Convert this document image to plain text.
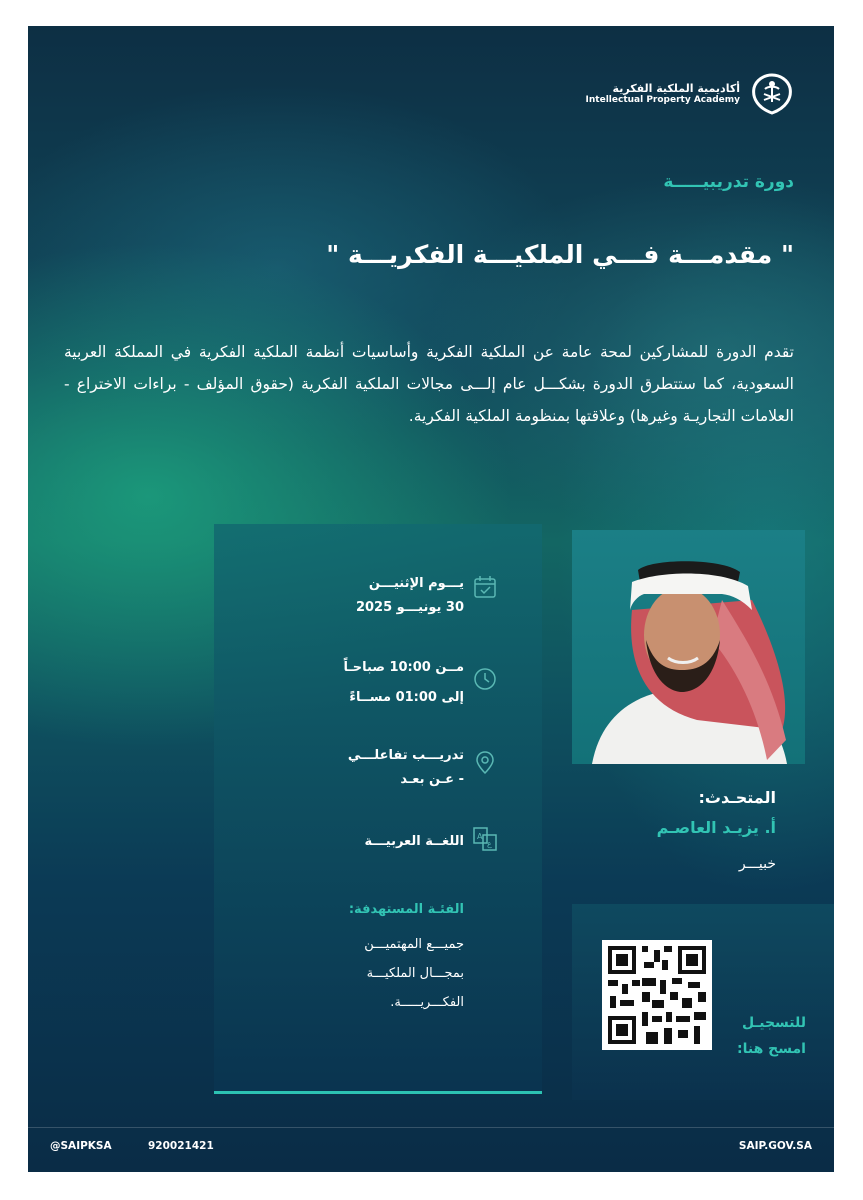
أكاديمية الملكية الفكرية
Intellectual Property Academy
دورة تدريبيـــــة
" مقدمـــة فـــي الملكيـــة الفكريـــة "
تقدم الدورة للمشاركين لمحة عامة عن الملكية الفكرية وأساسيات أنظمة الملكية الفكرية في المملكة العربية السعودية، كما ستتطرق الدورة بشكـــل عام إلـــى مجالات الملكية الفكرية (حقوق المؤلف - براءات الاختراع - العلامات التجاريـة وغيرها) وعلاقتها بمنظومة الملكية الفكرية.
يـــوم الإثنيـــن
30 يونيـــو 2025
مــن 10:00 صباحـاً
إلى 01:00 مســاءً
تدريـــب تفاعلـــي
- عـن بعـد
A
ع
اللغــة العربيـــة
الفئـة المستهدفة:
جميـــع المهتميـــن
بمجـــال الملكيـــة
الفكـــريـــــة.
المتحـدث:
أ. يزيـد العاصـم
خبيـــر
للتسجيـل
امسح هنا:
@SAIPKSA	920021421	SAIP.GOV.SA
